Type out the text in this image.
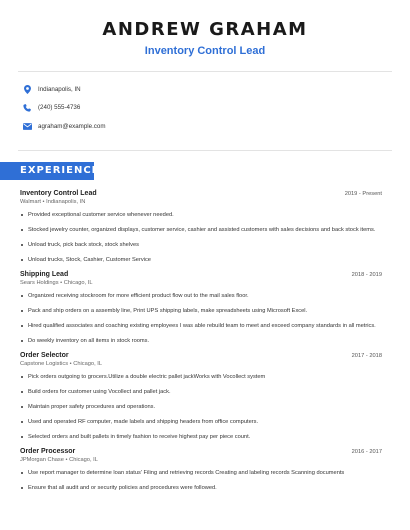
ANDREW GRAHAM
Inventory Control Lead
Indianapolis, IN
(240) 555-4736
agraham@example.com
EXPERIENCE
Inventory Control Lead	2019 - Present
Walmart • Indianapolis, IN
Provided exceptional customer service whenever needed.
Stocked jewelry counter, organized displays, customer service, cashier and assisted customers with sales decisions and back stock items.
Unload truck, pick back stock, stock shelves
Unload trucks, Stock, Cashier, Customer Service
Shipping Lead	2018 - 2019
Sears Holdings • Chicago, IL
Organized receiving stockroom for more efficient product flow out to the mail sales floor.
Pack and ship orders on a assembly line, Print UPS shipping labels, make spreadsheets using Microsoft Excel.
Hired qualified associates and coaching existing employees I was able rebuild team to meet and exceed company standards in all metrics.
Do weekly inventory on all items in stock rooms.
Order Selector	2017 - 2018
Capstone Logistics • Chicago, IL
Pick orders outgoing to grocers.Utilize a double electric pallet jackWorks with Vocollect system
Build orders for customer using Vocollect and pallet jack.
Maintain proper safety procedures and operations.
Used and operated RF computer, made labels and shipping headers from office computers.
Selected orders and built pallets in timely fashion to receive highest pay per piece count.
Order Processor	2016 - 2017
JPMorgan Chase • Chicago, IL
Use report manager to determine loan status' Filing and retrieving records Creating and labeling records Scanning documents
Ensure that all audit and or security policies and procedures were followed.
